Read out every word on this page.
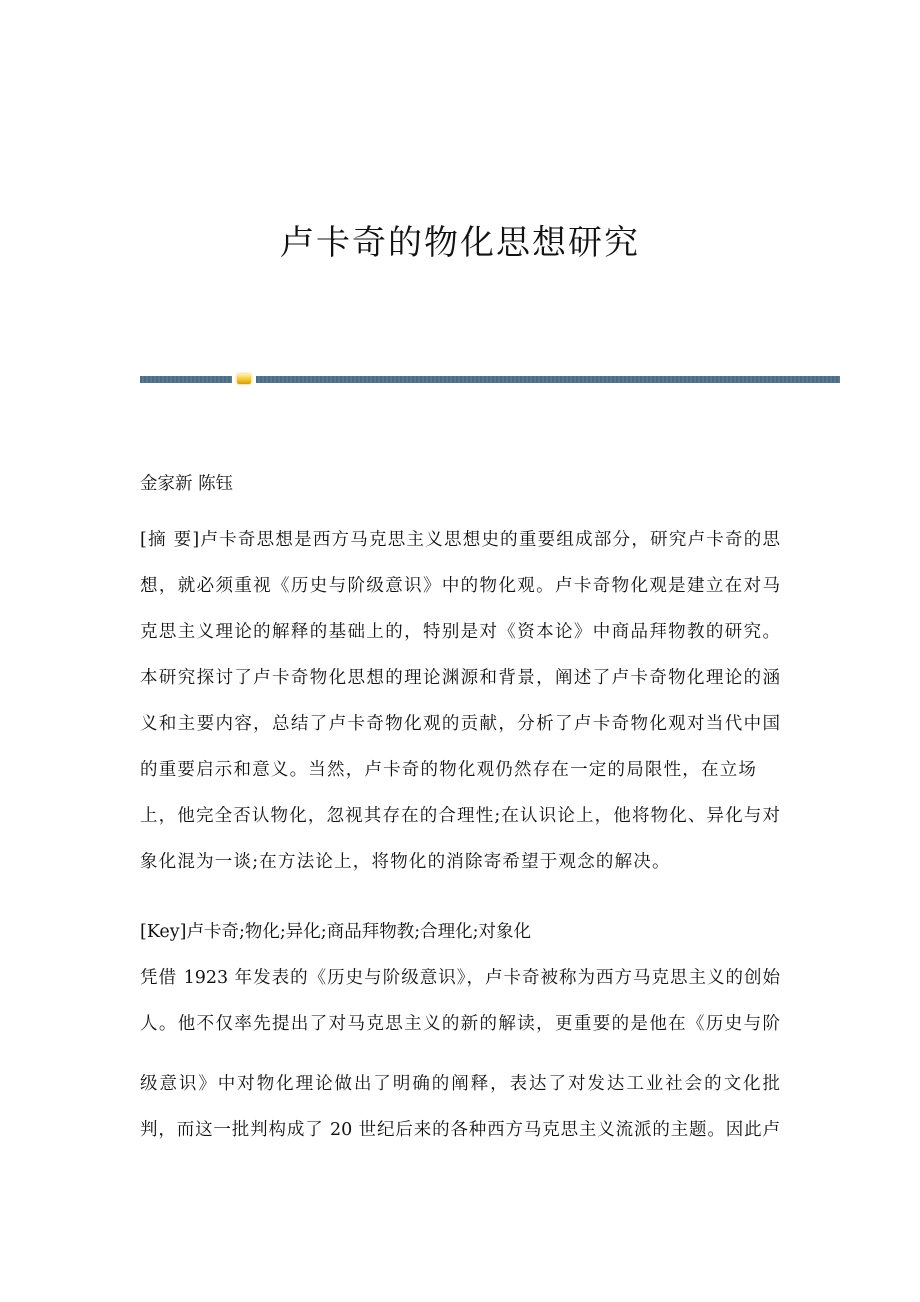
卢卡奇的物化思想研究
金家新 陈钰
[摘 要]卢卡奇思想是西方马克思主义思想史的重要组成部分，研究卢卡奇的思
想，就必须重视《历史与阶级意识》中的物化观。卢卡奇物化观是建立在对马
克思主义理论的解释的基础上的，特别是对《资本论》中商品拜物教的研究。
本研究探讨了卢卡奇物化思想的理论渊源和背景，阐述了卢卡奇物化理论的涵
义和主要内容，总结了卢卡奇物化观的贡献，分析了卢卡奇物化观对当代中国
的重要启示和意义。当然，卢卡奇的物化观仍然存在一定的局限性，在立场
上，他完全否认物化，忽视其存在的合理性;在认识论上，他将物化、异化与对
象化混为一谈;在方法论上，将物化的消除寄希望于观念的解决。
[Key]卢卡奇;物化;异化;商品拜物教;合理化;对象化
凭借 1923 年发表的《历史与阶级意识》，卢卡奇被称为西方马克思主义的创始
人。他不仅率先提出了对马克思主义的新的解读，更重要的是他在《历史与阶
级意识》中对物化理论做出了明确的阐释，表达了对发达工业社会的文化批
判，而这一批判构成了 20 世纪后来的各种西方马克思主义流派的主题。因此卢
